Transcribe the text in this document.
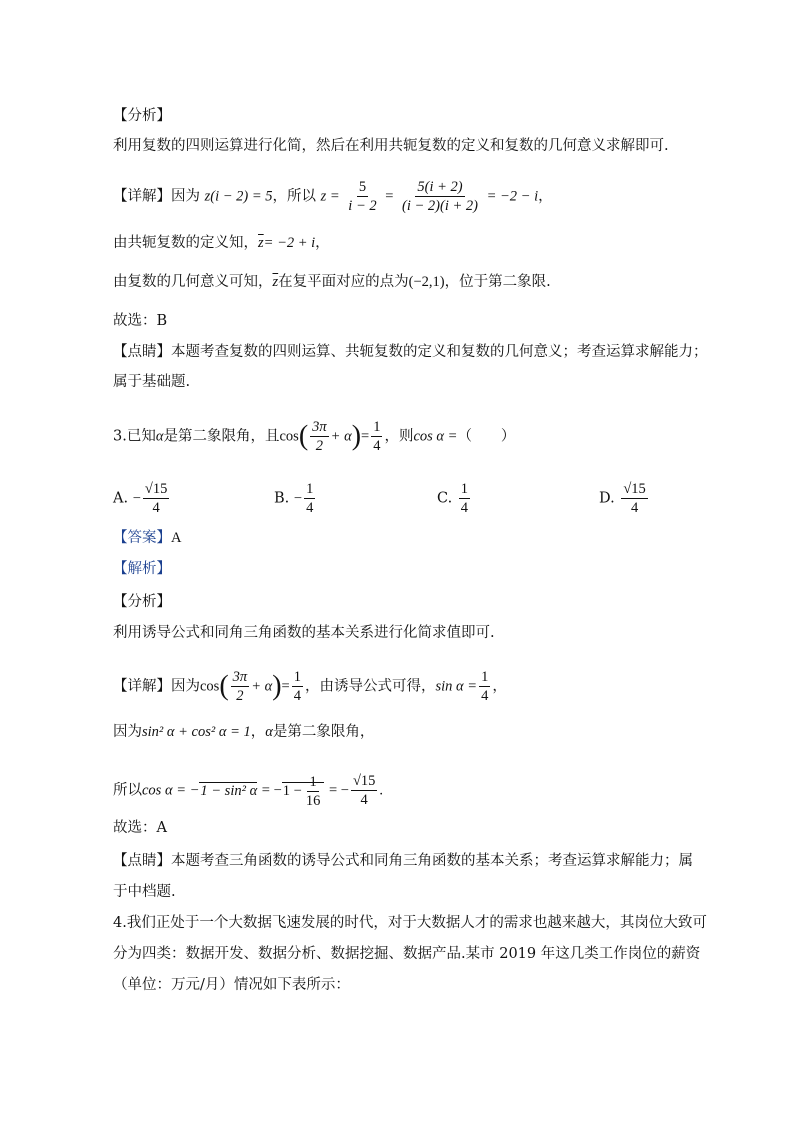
【分析】
利用复数的四则运算进行化简，然后在利用共轭复数的定义和复数的几何意义求解即可.
【详解】因为 z(i − 2) = 5，所以 $z = \frac{5}{i - 2} = \frac{5(i + 2)}{(i - 2)(i + 2)} = -2 - i$，
由共轭复数的定义知，$\overline{z}= -2 + i$，
由复数的几何意义可知，$\overline{z}$在复平面对应的点为(−2,1)，位于第二象限.
故选：B
【点睛】本题考查复数的四则运算、共轭复数的定义和复数的几何意义；考查运算求解能力；
属于基础题.
3.已知α是第二象限角，且$\cos( \frac{3\pi}{2} + \alpha)= \frac{1}{4}$ ，则cos α =（　　）
A. − $\frac{√15}{4}$	B. − $\frac{1}{4}$	C. $\frac{1}{4}$	D. $\frac{√15}{4}$
【答案】A
【解析】
【分析】
利用诱导公式和同角三角函数的基本关系进行化简求值即可.
【详解】因为$\cos( \frac{3\pi}{2} + \alpha)= \frac{1}{4}$ ，由诱导公式可得，$\sin \alpha = \frac{1}{4}$ ，
因为sin² α + cos² α = 1，α是第二象限角，
所以cos α = −1 − sin² $\alpha = -1 - \frac{1}{16}$ = − $\frac{√15}{4}$ .
故选：A
【点睛】本题考查三角函数的诱导公式和同角三角函数的基本关系；考查运算求解能力；属
于中档题.
4.我们正处于一个大数据飞速发展的时代，对于大数据人才的需求也越来越大，其岗位大致可
分为四类：数据开发、数据分析、数据挖掘、数据产品.某市 2019 年这几类工作岗位的薪资
（单位：万元/月）情况如下表所示：
